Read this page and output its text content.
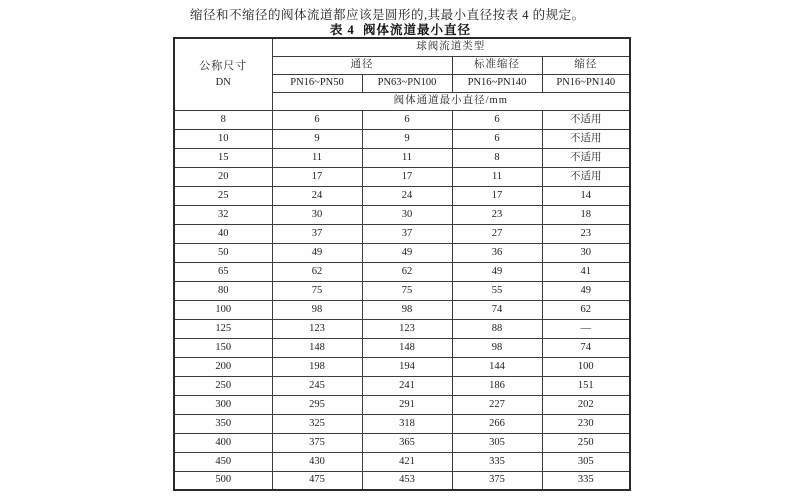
缩径和不缩径的阀体流道都应该是圆形的,其最小直径按表 4 的规定。
表 4  阀体流道最小直径
公称尺寸
DN	球阀流道类型			
	通径		标准缩径	缩径
	PN16~PN50	PN63~PN100	PN16~PN140	PN16~PN140
	阀体通道最小直径/mm			
8	6	6	6	不适用
10	9	9	6	不适用
15	11	11	8	不适用
20	17	17	11	不适用
25	24	24	17	14
32	30	30	23	18
40	37	37	27	23
50	49	49	36	30
65	62	62	49	41
80	75	75	55	49
100	98	98	74	62
125	123	123	88	—
150	148	148	98	74
200	198	194	144	100
250	245	241	186	151
300	295	291	227	202
350	325	318	266	230
400	375	365	305	250
450	430	421	335	305
500	475	453	375	335
